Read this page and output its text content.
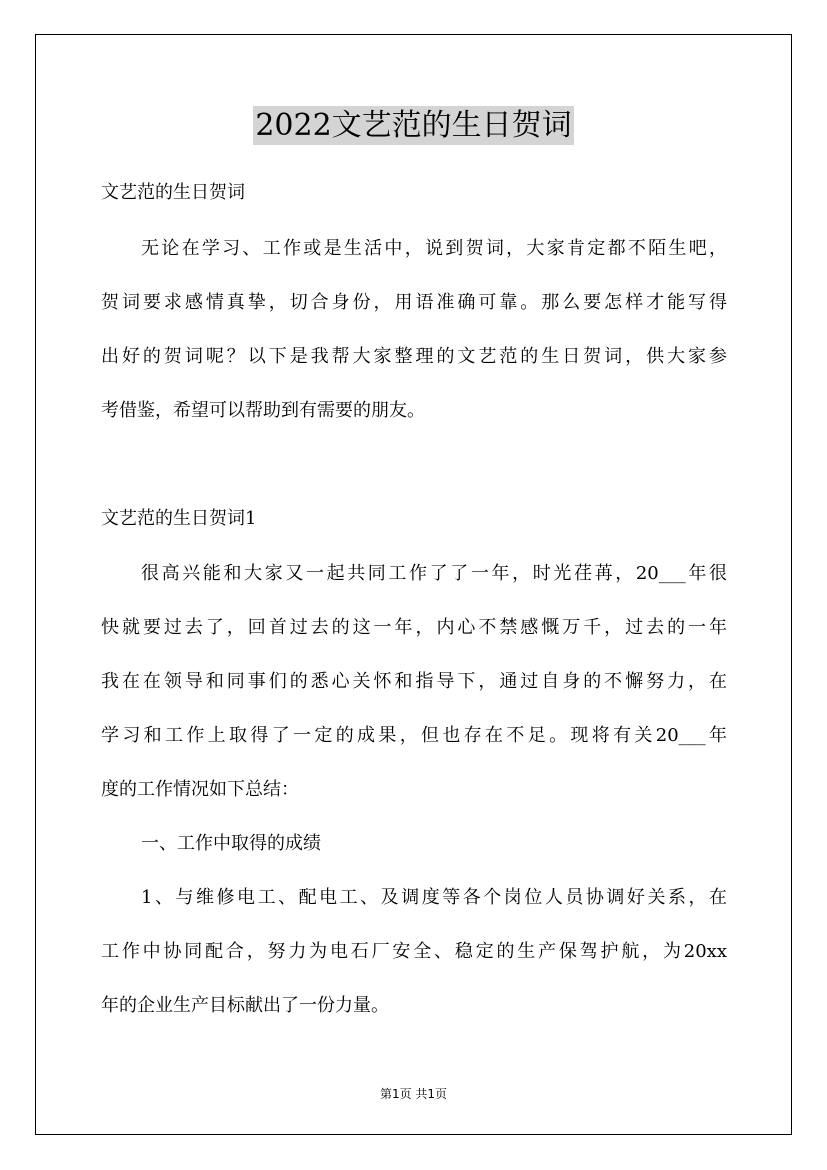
2022文艺范的生日贺词
文艺范的生日贺词
无论在学习、工作或是生活中，说到贺词，大家肯定都不陌生吧，
贺词要求感情真挚，切合身份，用语准确可靠。那么要怎样才能写得
出好的贺词呢？以下是我帮大家整理的文艺范的生日贺词，供大家参
考借鉴，希望可以帮助到有需要的朋友。
文艺范的生日贺词1
很高兴能和大家又一起共同工作了了一年，时光荏苒，20___年很
快就要过去了，回首过去的这一年，内心不禁感慨万千，过去的一年
我在在领导和同事们的悉心关怀和指导下，通过自身的不懈努力，在
学习和工作上取得了一定的成果，但也存在不足。现将有关20___年
度的工作情况如下总结：
一、工作中取得的成绩
1、与维修电工、配电工、及调度等各个岗位人员协调好关系，在
工作中协同配合，努力为电石厂安全、稳定的生产保驾护航，为20xx
年的企业生产目标献出了一份力量。
第1页 共1页
